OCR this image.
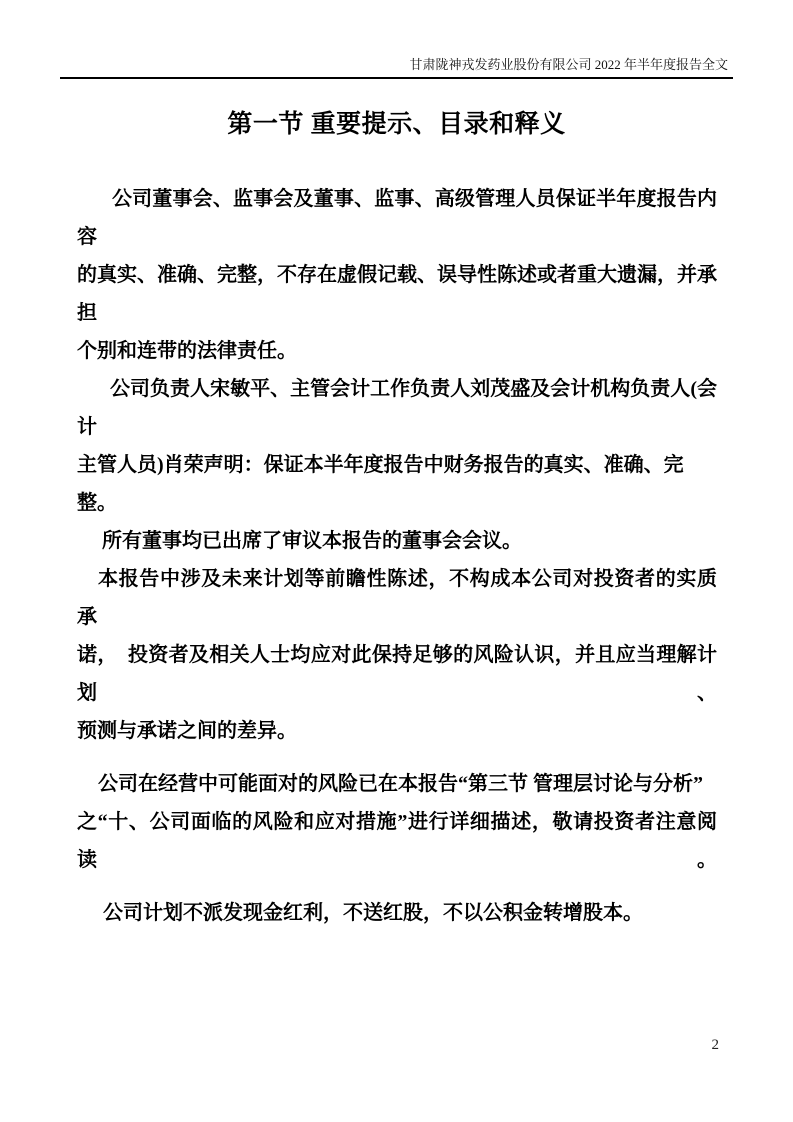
甘肃陇神戎发药业股份有限公司 2022 年半年度报告全文
第一节 重要提示、目录和释义
公司董事会、监事会及董事、监事、高级管理人员保证半年度报告内容
的真实、准确、完整，不存在虚假记载、误导性陈述或者重大遗漏，并承担
个别和连带的法律责任。
公司负责人宋敏平、主管会计工作负责人刘茂盛及会计机构负责人(会计
主管人员)肖荣声明：保证本半年度报告中财务报告的真实、准确、完整。
所有董事均已出席了审议本报告的董事会会议。
本报告中涉及未来计划等前瞻性陈述，不构成本公司对投资者的实质承
诺，　投资者及相关人士均应对此保持足够的风险认识，并且应当理解计划、
预测与承诺之间的差异。
公司在经营中可能面对的风险已在本报告“第三节 管理层讨论与分析”
之“十、公司面临的风险和应对措施”进行详细描述，敬请投资者注意阅读。
公司计划不派发现金红利，不送红股，不以公积金转增股本。
2
